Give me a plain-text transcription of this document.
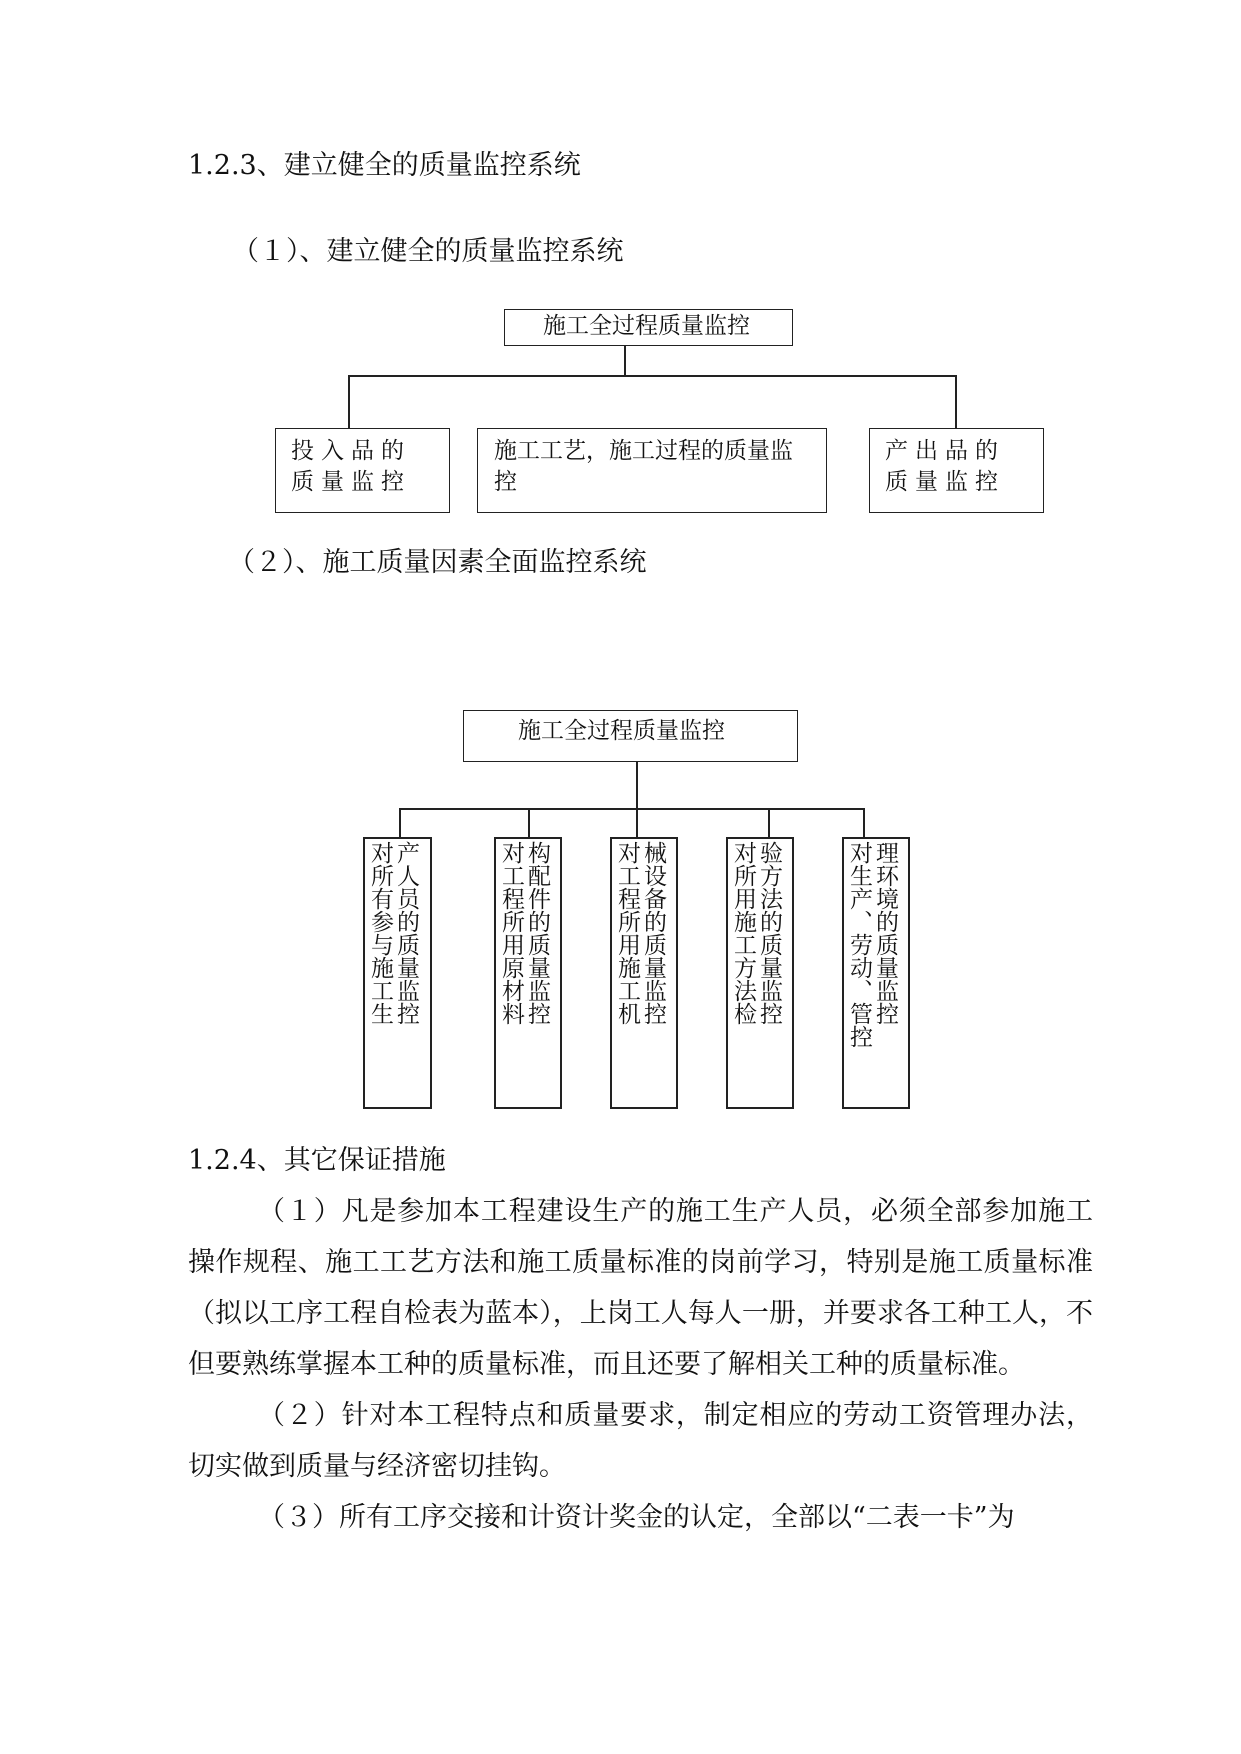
1.2.3、建立健全的质量监控系统
（１）、建立健全的质量监控系统
施工全过程质量监控
投入品的质量监控
施工工艺，施工过程的质量监控
产出品的质量监控
（２）、施工质量因素全面监控系统
施工全过程质量监控
对所有参与施工生 产人员的质量监控	对工程所用原材料 构配件的质量监控	对工程所用施工机 械设备的质量监控	对所用施工方法检 验方法的质量监控	对生产、劳动、管控 理环境的质量监控
1.2.4、其它保证措施

（１）凡是参加本工程建设生产的施工生产人员，必须全部参加施工操作规程、施工工艺方法和施工质量标准的岗前学习，特别是施工质量标准（拟以工序工程自检表为蓝本），上岗工人每人一册，并要求各工种工人，不但要熟练掌握本工种的质量标准，而且还要了解相关工种的质量标准。

（２）针对本工程特点和质量要求，制定相应的劳动工资管理办法，切实做到质量与经济密切挂钩。

（３）所有工序交接和计资计奖金的认定，全部以“二表一卡”为
